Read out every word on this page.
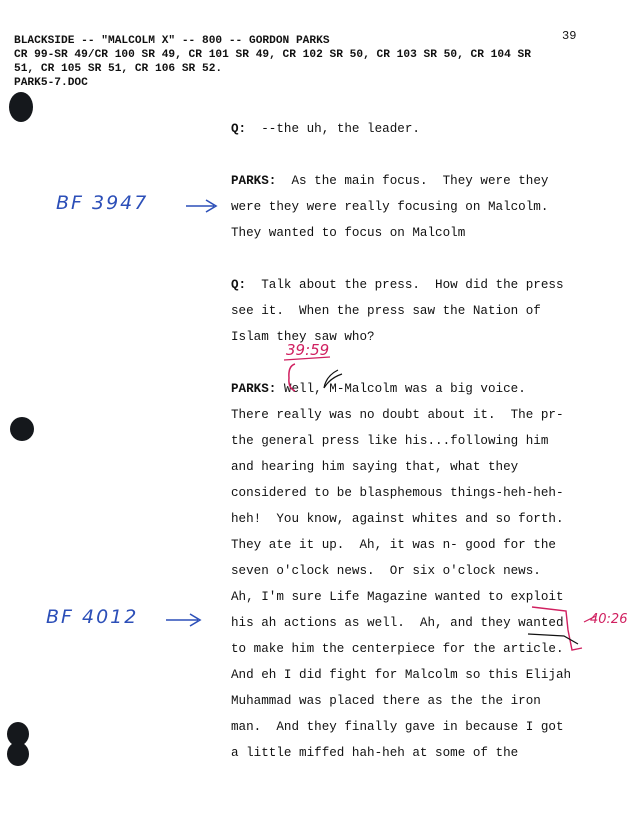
BLACKSIDE -- "MALCOLM X" -- 800 -- GORDON PARKS
CR 99-SR 49/CR 100 SR 49, CR 101 SR 49, CR 102 SR 50, CR 103 SR 50, CR 104 SR
51, CR 105 SR 51, CR 106 SR 52.
PARK5-7.DOC
39
Q:  --the uh, the leader.
PARKS:  As the main focus.  They were they
were they were really focusing on Malcolm.
They wanted to focus on Malcolm
Q:  Talk about the press.  How did the press
see it.  When the press saw the Nation of
Islam they saw who?
PARKS: Well, M-Malcolm was a big voice.
There really was no doubt about it.  The pr-
the general press like his...following him
and hearing him saying that, what they
considered to be blasphemous things-heh-heh-
heh!  You know, against whites and so forth.
They ate it up.  Ah, it was n- good for the
seven o'clock news.  Or six o'clock news.
Ah, I'm sure Life Magazine wanted to exploit
his ah actions as well.  Ah, and they wanted
to make him the centerpiece for the article.
And eh I did fight for Malcolm so this Elijah
Muhammad was placed there as the the iron
man.  And they finally gave in because I got
a little miffed hah-heh at some of the
BF 3947
BF 4012
39:59
40:26
